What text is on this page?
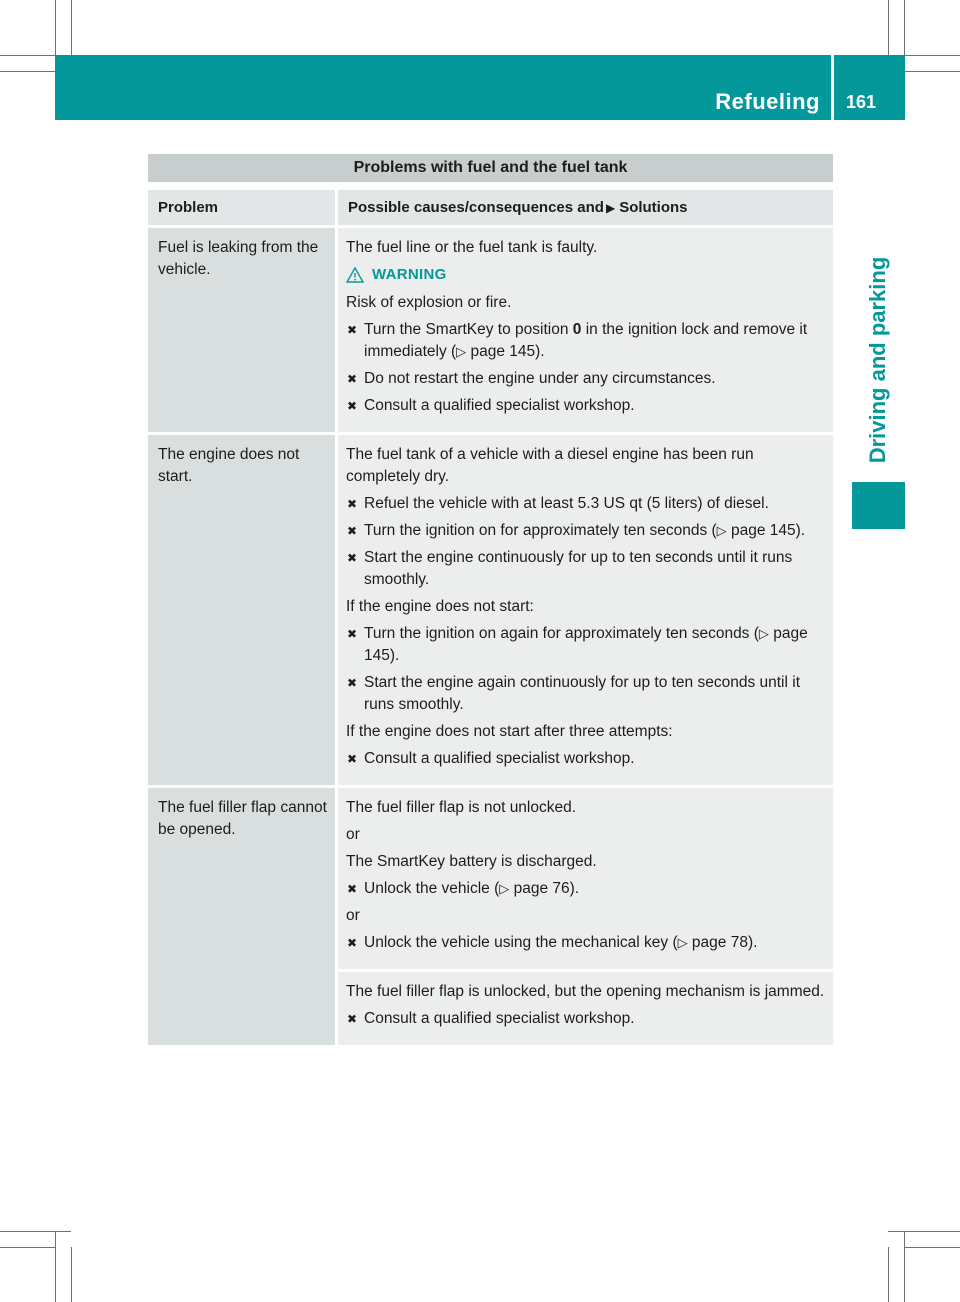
Refueling 161
Driving and parking
Problems with fuel and the fuel tank
Problem	Possible causes/consequences and ▶ Solutions
Fuel is leaking from the vehicle.

The fuel line or the fuel tank is faulty.

WARNING

Risk of explosion or fire.

✖ Turn the SmartKey to position 0 in the ignition lock and remove it immediately (▷ page 145).
✖ Do not restart the engine under any circumstances.
✖ Consult a qualified specialist workshop.
The engine does not start.

The fuel tank of a vehicle with a diesel engine has been run completely dry.

✖ Refuel the vehicle with at least 5.3 US qt (5 liters) of diesel.
✖ Turn the ignition on for approximately ten seconds (▷ page 145).
✖ Start the engine continuously for up to ten seconds until it runs smoothly.

If the engine does not start:

✖ Turn the ignition on again for approximately ten seconds (▷ page 145).
✖ Start the engine again continuously for up to ten seconds until it runs smoothly.

If the engine does not start after three attempts:

✖ Consult a qualified specialist workshop.
The fuel filler flap cannot be opened.

The fuel filler flap is not unlocked.

or

The SmartKey battery is discharged.

✖ Unlock the vehicle (▷ page 76).

or

✖ Unlock the vehicle using the mechanical key (▷ page 78).

The fuel filler flap is unlocked, but the opening mechanism is jammed.

✖ Consult a qualified specialist workshop.
